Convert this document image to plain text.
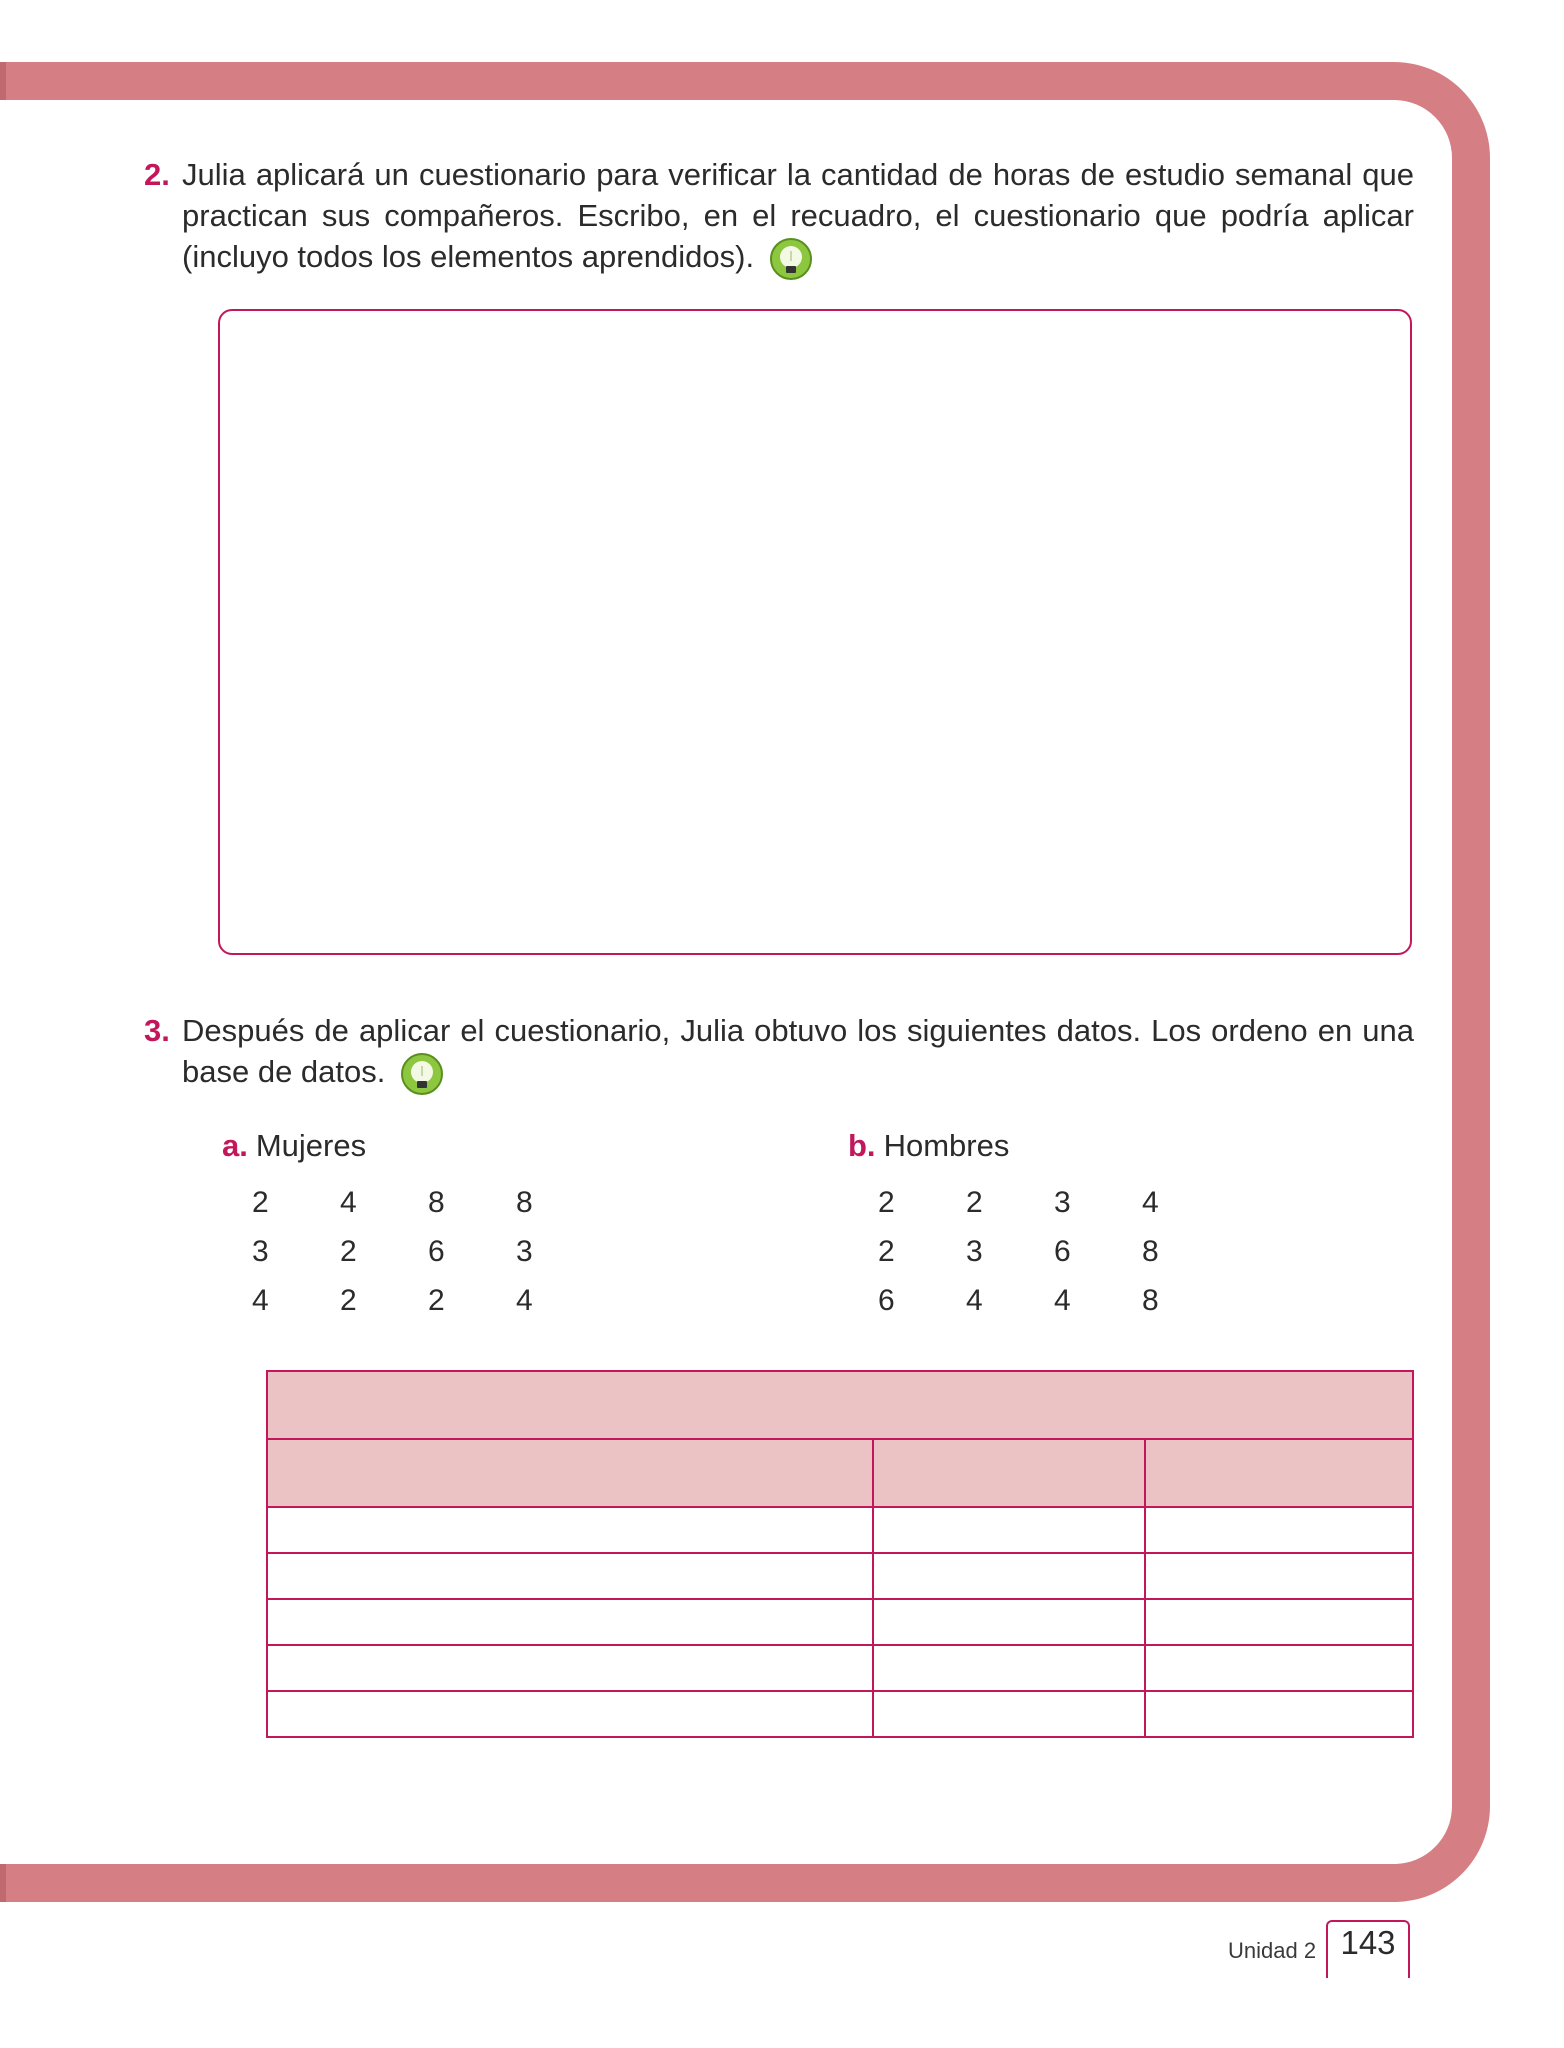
2. Julia aplicará un cuestionario para verificar la cantidad de horas de estudio semanal que practican sus compañeros. Escribo, en el recuadro, el cuestionario que podría aplicar (incluyo todos los elementos aprendidos).
3. Después de aplicar el cuestionario, Julia obtuvo los siguientes datos. Los ordeno en una base de datos.
a. Mujeres
2	4	8	8
3	2	6	3
4	2	2	4
b. Hombres
2	2	3	4
2	3	6	8
6	4	4	8

Unidad 2 143
